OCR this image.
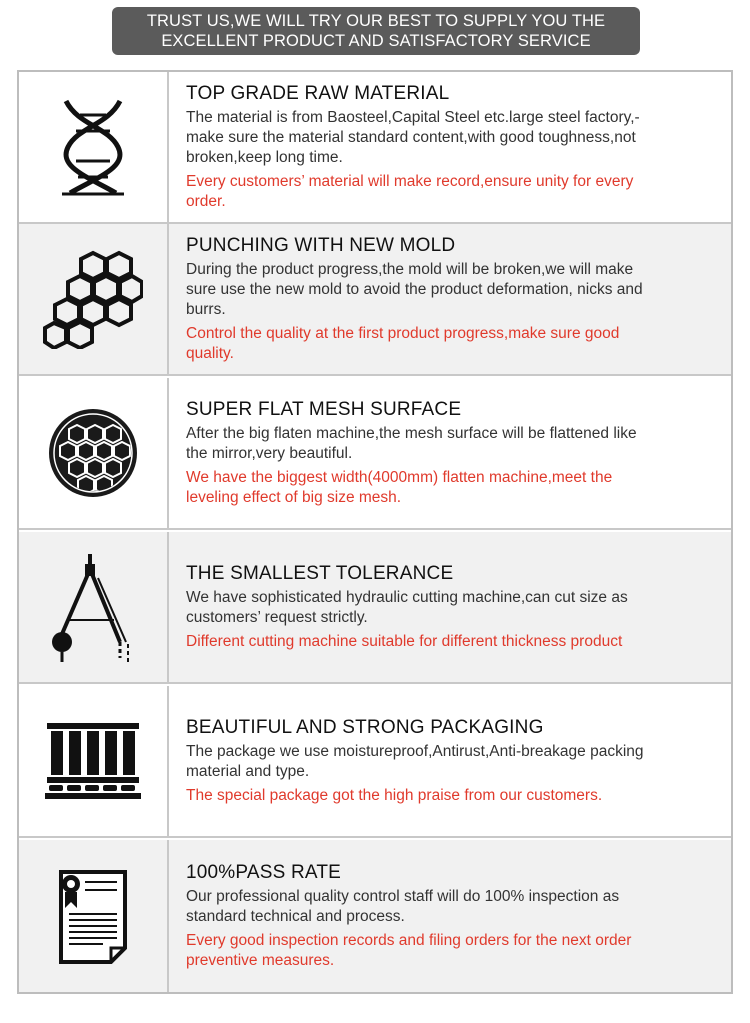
TRUST US,WE WILL TRY OUR BEST TO SUPPLY YOU THE
EXCELLENT PRODUCT AND SATISFACTORY SERVICE
TOP GRADE RAW MATERIAL
The material is from Baosteel,Capital Steel etc.large steel factory,-
make sure the material standard content,with good toughness,not
broken,keep long time.
Every customers’ material will make record,ensure unity for every
order.
PUNCHING WITH NEW MOLD
During the product progress,the mold will be broken,we will make
sure use the new mold to avoid the product deformation, nicks and
burrs.
Control the quality at the first product progress,make sure good
quality.
SUPER FLAT MESH SURFACE
After the big flaten machine,the mesh surface will be flattened like
the mirror,very beautiful.
We have the biggest width(4000mm) flatten machine,meet the
leveling effect of big size mesh.
THE SMALLEST TOLERANCE
We have sophisticated hydraulic cutting machine,can cut size as
customers’ request strictly.
Different cutting machine suitable for different thickness product
BEAUTIFUL AND STRONG PACKAGING
The package we use moistureproof,Antirust,Anti-breakage packing
material and type.
The special package got the high praise from our customers.
100%PASS RATE
Our professional quality control staff will do 100% inspection as
standard technical and process.
Every good inspection records and filing orders for the next order
preventive measures.
